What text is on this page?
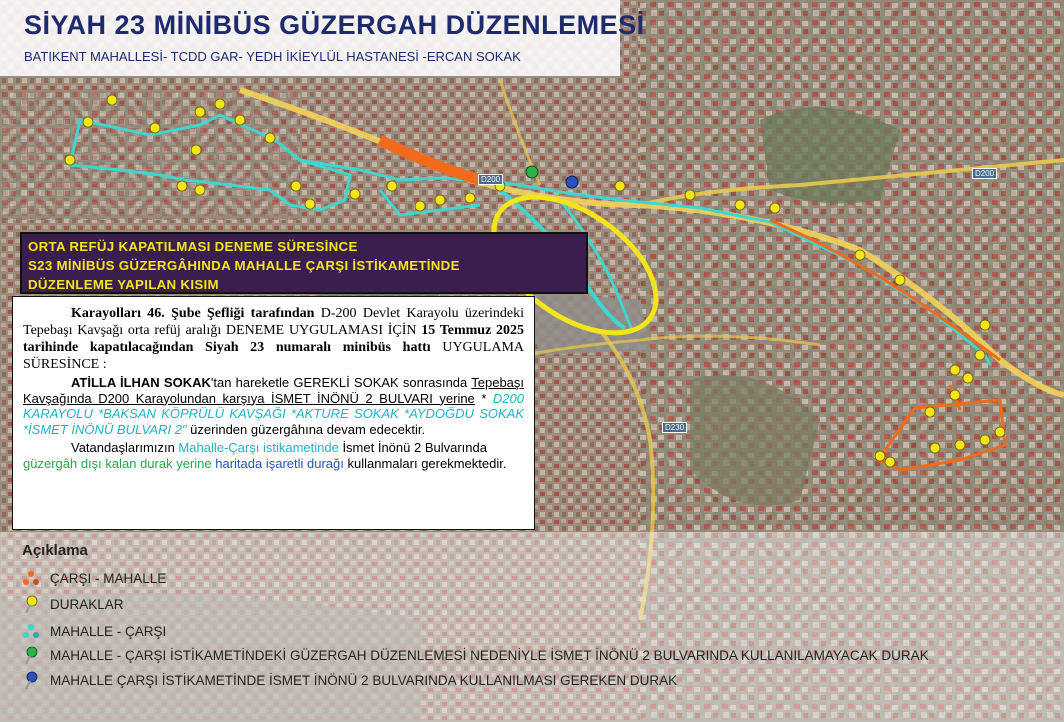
D200
D200
D230
SİYAH 23 MİNİBÜS GÜZERGAH DÜZENLEMESİ
BATIKENT MAHALLESİ- TCDD GAR- YEDH İKİEYLÜL HASTANESİ -ERCAN SOKAK
ORTA REFÜJ KAPATILMASI DENEME SÜRESİNCE
S23 MİNİBÜS GÜZERGÂHINDA MAHALLE ÇARŞI İSTİKAMETİNDE
DÜZENLEME YAPILAN KISIM
Karayolları 46. Şube Şefliği tarafından D-200 Devlet Karayolu üzerindeki Tepebaşı Kavşağı orta refüj aralığı DENEME UYGULAMASI İÇİN 15 Temmuz 2025 tarihinde kapatılacağından Siyah 23 numaralı minibüs hattı UYGULAMA SÜRESİNCE :
ATİLLA İLHAN SOKAK'tan hareketle GEREKLİ SOKAK sonrasında Tepebaşı Kavşağında D200 Karayolundan karşıya İSMET İNÖNÜ 2 BULVARI yerine * D200 KARAYOLU *BAKSAN KÖPRÜLÜ KAVŞAĞI *AKTURE SOKAK *AYDOĞDU SOKAK *İSMET İNÖNÜ BULVARI 2" üzerinden güzergâhına devam edecektir.
Vatandaşlarımızın Mahalle-Çarşı istikametinde İsmet İnönü 2 Bulvarında güzergâh dışı kalan durak yerine haritada işaretli durağı kullanmaları gerekmektedir.
Açıklama
ÇARŞI - MAHALLE
DURAKLAR
MAHALLE - ÇARŞI
MAHALLE - ÇARŞI İSTİKAMETİNDEKİ GÜZERGAH DÜZENLEMESİ NEDENİYLE İSMET İNÖNÜ 2 BULVARINDA KULLANILAMAYACAK DURAK
MAHALLE ÇARŞI İSTİKAMETİNDE İSMET İNÖNÜ 2 BULVARINDA KULLANILMASI GEREKEN DURAK
